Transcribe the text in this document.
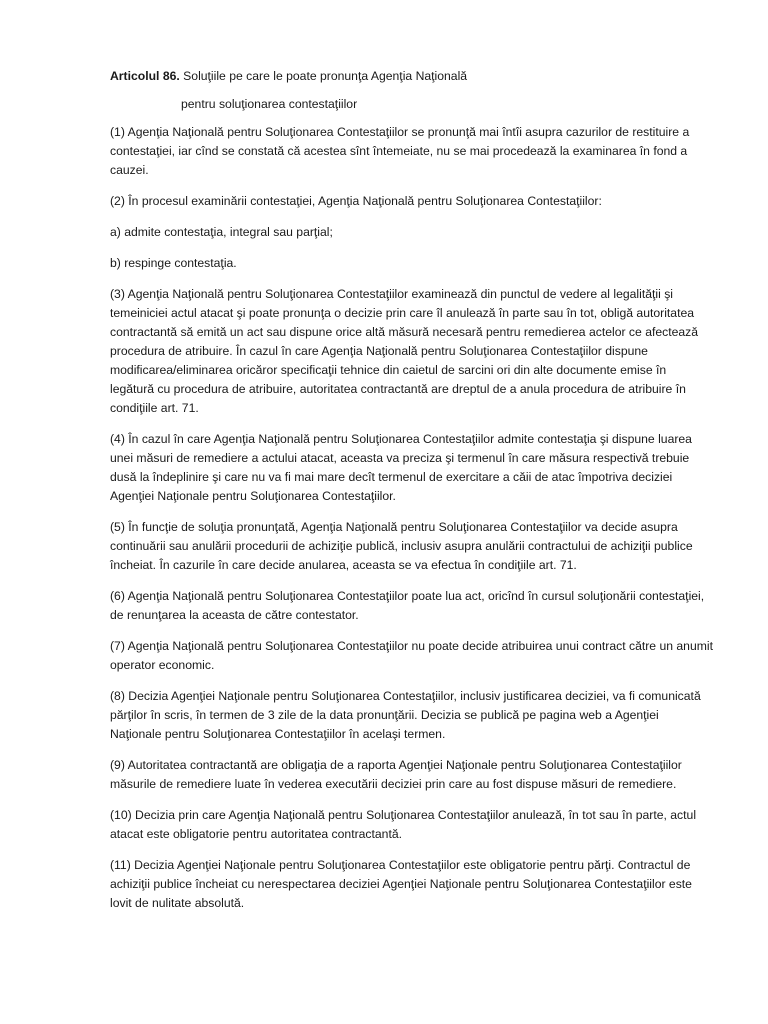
Articolul 86. Soluţiile pe care le poate pronunţa Agenţia Naţională
pentru soluţionarea contestaţiilor

(1) Agenţia Naţională pentru Soluţionarea Contestaţiilor se pronunţă mai întîi asupra cazurilor de restituire a contestaţiei, iar cînd se constată că acestea sînt întemeiate, nu se mai procedează la examinarea în fond a cauzei.

(2) În procesul examinării contestaţiei, Agenţia Naţională pentru Soluţionarea Contestaţiilor:

a) admite contestaţia, integral sau parţial;

b) respinge contestaţia.

(3) Agenţia Naţională pentru Soluţionarea Contestaţiilor examinează din punctul de vedere al legalităţii şi temeiniciei actul atacat şi poate pronunţa o decizie prin care îl anulează în parte sau în tot, obligă autoritatea contractantă să emită un act sau dispune orice altă măsură necesară pentru remedierea actelor ce afectează procedura de atribuire. În cazul în care Agenţia Naţională pentru Soluţionarea Contestaţiilor dispune modificarea/eliminarea oricăror specificaţii tehnice din caietul de sarcini ori din alte documente emise în legătură cu procedura de atribuire, autoritatea contractantă are dreptul de a anula procedura de atribuire în condiţiile art. 71.

(4) În cazul în care Agenţia Naţională pentru Soluţionarea Contestaţiilor admite contestaţia şi dispune luarea unei măsuri de remediere a actului atacat, aceasta va preciza şi termenul în care măsura respectivă trebuie dusă la îndeplinire şi care nu va fi mai mare decît termenul de exercitare a căii de atac împotriva deciziei Agenţiei Naţionale pentru Soluţionarea Contestaţiilor.

(5) În funcţie de soluţia pronunţată, Agenţia Naţională pentru Soluţionarea Contestaţiilor va decide asupra continuării sau anulării procedurii de achiziţie publică, inclusiv asupra anulării contractului de achiziţii publice încheiat. În cazurile în care decide anularea, aceasta se va efectua în condiţiile art. 71.

(6) Agenţia Naţională pentru Soluţionarea Contestaţiilor poate lua act, oricînd în cursul soluţionării contestaţiei, de renunţarea la aceasta de către contestator.

(7) Agenţia Naţională pentru Soluţionarea Contestaţiilor nu poate decide atribuirea unui contract către un anumit operator economic.

(8) Decizia Agenţiei Naţionale pentru Soluţionarea Contestaţiilor, inclusiv justificarea deciziei, va fi comunicată părţilor în scris, în termen de 3 zile de la data pronunţării. Decizia se publică pe pagina web a Agenţiei Naţionale pentru Soluţionarea Contestaţiilor în acelaşi termen.

(9) Autoritatea contractantă are obligaţia de a raporta Agenţiei Naţionale pentru Soluţionarea Contestaţiilor măsurile de remediere luate în vederea executării deciziei prin care au fost dispuse măsuri de remediere.

(10) Decizia prin care Agenţia Naţională pentru Soluţionarea Contestaţiilor anulează, în tot sau în parte, actul atacat este obligatorie pentru autoritatea contractantă.

(11) Decizia Agenţiei Naţionale pentru Soluţionarea Contestaţiilor este obligatorie pentru părţi. Contractul de achiziţii publice încheiat cu nerespectarea deciziei Agenţiei Naţionale pentru Soluţionarea Contestaţiilor este lovit de nulitate absolută.
